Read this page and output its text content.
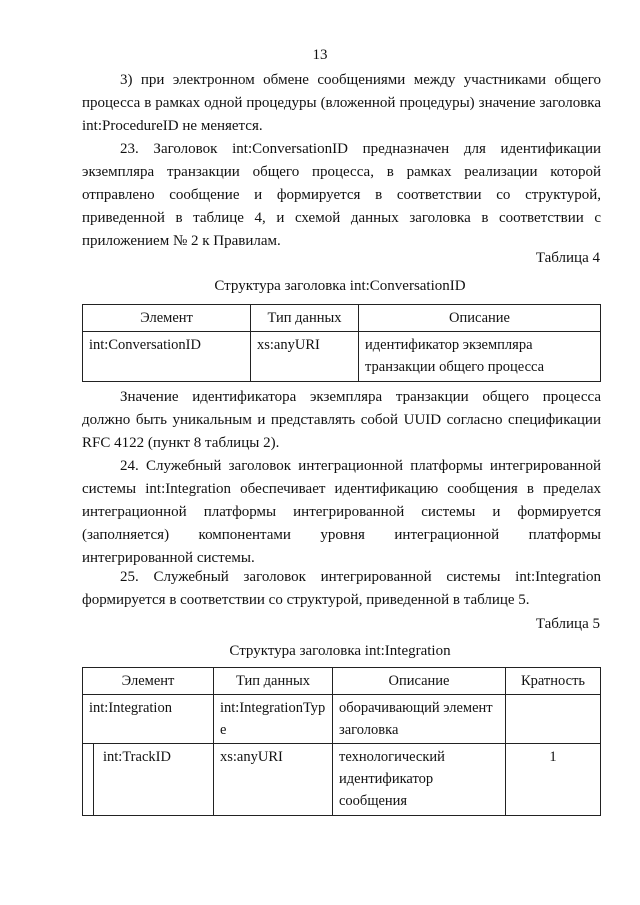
13
3) при электронном обмене сообщениями между участниками общего процесса в рамках одной процедуры (вложенной процедуры) значение заголовка int:ProcedureID не меняется.
23. Заголовок int:ConversationID предназначен для идентификации экземпляра транзакции общего процесса, в рамках реализации которой отправлено сообщение и формируется в соответствии со структурой, приведенной в таблице 4, и схемой данных заголовка в соответствии с приложением № 2 к Правилам.
Таблица 4
Структура заголовка int:ConversationID
Элемент	Тип данных	Описание
int:ConversationID	xs:anyURI	идентификатор экземпляра транзакции общего процесса
Значение идентификатора экземпляра транзакции общего процесса должно быть уникальным и представлять собой UUID согласно спецификации RFC 4122 (пункт 8 таблицы 2).
24. Служебный заголовок интеграционной платформы интегрированной системы int:Integration обеспечивает идентификацию сообщения в пределах интеграционной платформы интегрированной системы и формируется (заполняется) компонентами уровня интеграционной платформы интегрированной системы.
25. Служебный заголовок интегрированной системы int:Integration формируется в соответствии со структурой, приведенной в таблице 5.
Таблица 5
Структура заголовка int:Integration
Элемент	Тип данных	Описание	Кратность
int:Integration	int:IntegrationType	оборачивающий элемент заголовка	

int:TrackID	xs:anyURI	технологический идентификатор сообщения	1
